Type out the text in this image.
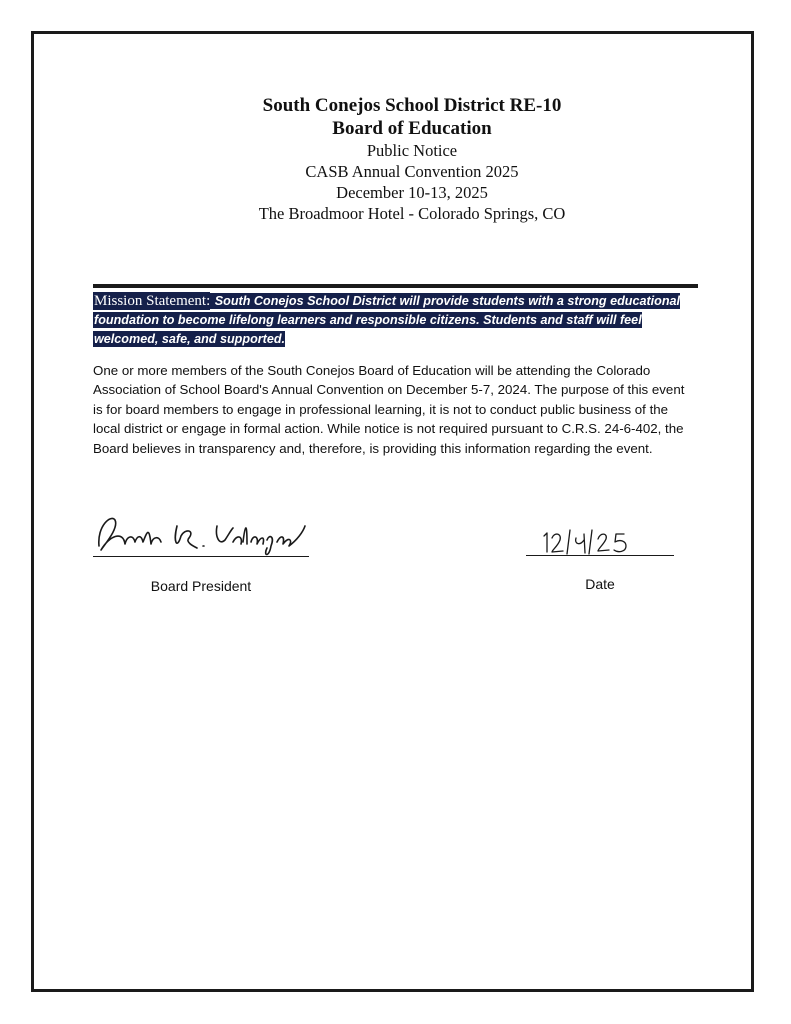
South Conejos School District RE-10
Board of Education
Public Notice
CASB Annual Convention 2025
December 10-13, 2025
The Broadmoor Hotel - Colorado Springs, CO
Mission Statement: South Conejos School District will provide students with a strong educational foundation to become lifelong learners and responsible citizens. Students and staff will feel welcomed, safe, and supported.
One or more members of the South Conejos Board of Education will be attending the Colorado Association of School Board's Annual Convention on December 5-7, 2024. The purpose of this event is for board members to engage in professional learning, it is not to conduct public business of the local district or engage in formal action. While notice is not required pursuant to C.R.S. 24-6-402, the Board believes in transparency and, therefore, is providing this information regarding the event.
Board President	Date
